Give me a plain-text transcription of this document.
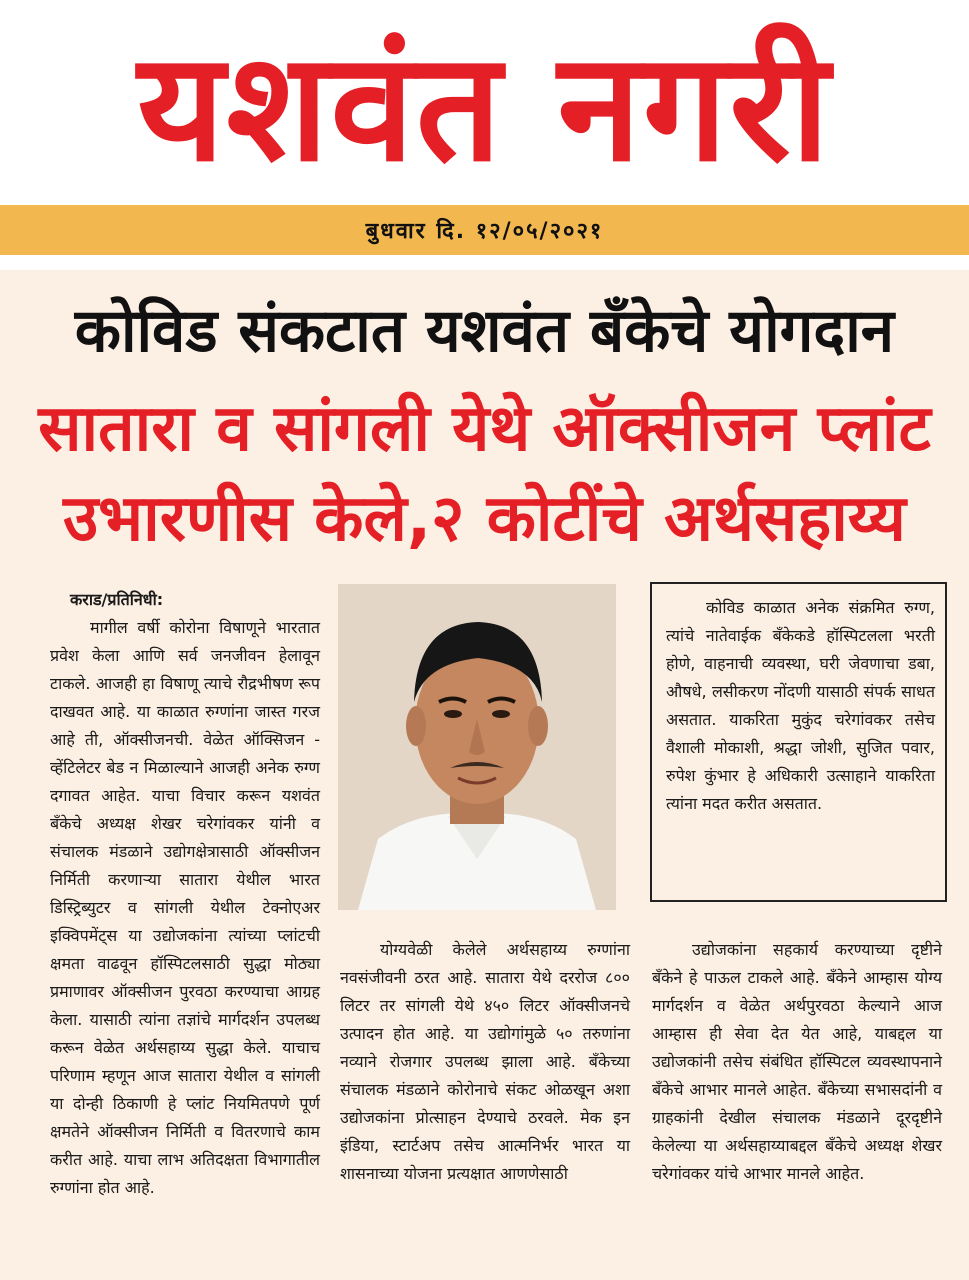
यशवंत नगरी
बुधवार दि. १२/०५/२०२१
कोविड संकटात यशवंत बँकेचे योगदान
सातारा व सांगली येथे ऑक्सीजन प्लांट
उभारणीस केले,२ कोटींचे अर्थसहाय्य

कराड/प्रतिनिधी:

मागील वर्षी कोरोना विषाणूने भारतात प्रवेश केला आणि सर्व जनजीवन हेलावून टाकले. आजही हा विषाणू त्याचे रौद्रभीषण रूप दाखवत आहे. या काळात रुग्णांना जास्त गरज आहे ती, ऑक्सीजनची. वेळेत ऑक्सिजन - व्हेंटिलेटर बेड न मिळाल्याने आजही अनेक रुग्ण दगावत आहेत. याचा विचार करून यशवंत बँकेचे अध्यक्ष शेखर चरेगांवकर यांनी व संचालक मंडळाने उद्योगक्षेत्रासाठी ऑक्सीजन निर्मिती करणाऱ्या सातारा येथील भारत डिस्ट्रिब्युटर व सांगली येथील टेक्नोएअर इक्विपमेंट्स या उद्योजकांना त्यांच्या प्लांटची क्षमता वाढवून हॉस्पिटलसाठी सुद्धा मोठ्या प्रमाणावर ऑक्सीजन पुरवठा करण्याचा आग्रह केला. यासाठी त्यांना तज्ञांचे मार्गदर्शन उपलब्ध करून वेळेत अर्थसहाय्य सुद्धा केले. याचाच परिणाम म्हणून आज सातारा येथील व सांगली या दोन्ही ठिकाणी हे प्लांट नियमितपणे पूर्ण क्षमतेने ऑक्सीजन निर्मिती व वितरणाचे काम करीत आहे. याचा लाभ अतिदक्षता विभागातील रुग्णांना होत आहे.

कोविड काळात अनेक संक्रमित रुग्ण, त्यांचे नातेवाईक बँकेकडे हॉस्पिटलला भरती होणे, वाहनाची व्यवस्था, घरी जेवणाचा डबा, औषधे, लसीकरण नोंदणी यासाठी संपर्क साधत असतात. याकरिता मुकुंद चरेगांवकर तसेच वैशाली मोकाशी, श्रद्धा जोशी, सुजित पवार, रुपेश कुंभार हे अधिकारी उत्साहाने याकरिता त्यांना मदत करीत असतात.

योग्यवेळी केलेले अर्थसहाय्य रुग्णांना नवसंजीवनी ठरत आहे. सातारा येथे दररोज ८०० लिटर तर सांगली येथे ४५० लिटर ऑक्सीजनचे उत्पादन होत आहे. या उद्योगांमुळे ५० तरुणांना नव्याने रोजगार उपलब्ध झाला आहे. बँकेच्या संचालक मंडळाने कोरोनाचे संकट ओळखून अशा उद्योजकांना प्रोत्साहन देण्याचे ठरवले. मेक इन इंडिया, स्टार्टअप तसेच आत्मनिर्भर भारत या शासनाच्या योजना प्रत्यक्षात आणणेसाठी

उद्योजकांना सहकार्य करण्याच्या दृष्टीने बँकेने हे पाऊल टाकले आहे. बँकेने आम्हास योग्य मार्गदर्शन व वेळेत अर्थपुरवठा केल्याने आज आम्हास ही सेवा देत येत आहे, याबद्दल या उद्योजकांनी तसेच संबंधित हॉस्पिटल व्यवस्थापनाने बँकेचे आभार मानले आहेत. बँकेच्या सभासदांनी व ग्राहकांनी देखील संचालक मंडळाने दूरदृष्टीने केलेल्या या अर्थसहाय्याबद्दल बँकेचे अध्यक्ष शेखर चरेगांवकर यांचे आभार मानले आहेत.
